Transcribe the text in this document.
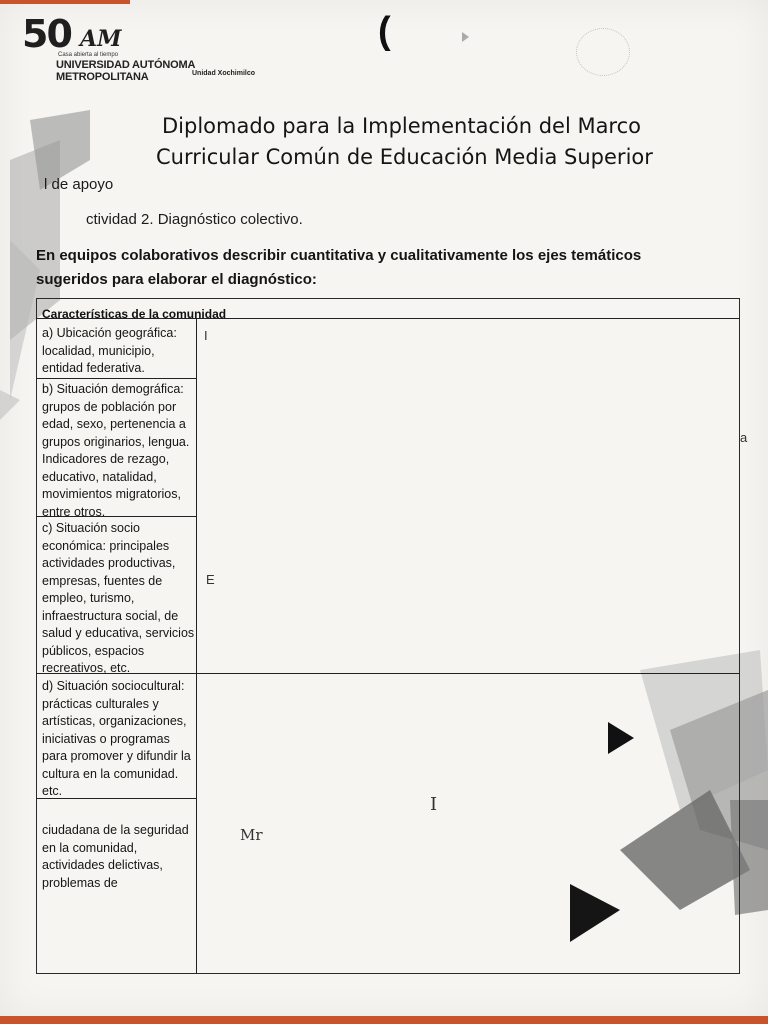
50 AM
Casa abierta al tiempo
UNIVERSIDAD AUTÓNOMA METROPOLITANA	Unidad Xochimilco
(
Diplomado para la Implementación del Marco
Curricular Común de Educación Media Superior
l de apoyo
ctividad 2. Diagnóstico colectivo.
En equipos colaborativos describir cuantitativa y cualitativamente los ejes temáticos sugeridos para elaborar el diagnóstico:
Características de la comunidad
a) Ubicación geográfica: localidad, municipio, entidad federativa.
b) Situación demográfica: grupos de población por edad, sexo, pertenencia a grupos originarios, lengua. Indicadores de rezago, educativo, natalidad, movimientos migratorios, entre otros.
c) Situación socio económica: principales actividades productivas, empresas, fuentes de empleo, turismo, infraestructura social, de salud y educativa, servicios públicos, espacios recreativos, etc.
d) Situación sociocultural: prácticas culturales y artísticas, organizaciones, iniciativas o programas para promover y difundir la cultura en la comunidad. etc.
ciudadana de la seguridad en la comunidad, actividades delictivas, problemas de
I
E
Mr
I
a
